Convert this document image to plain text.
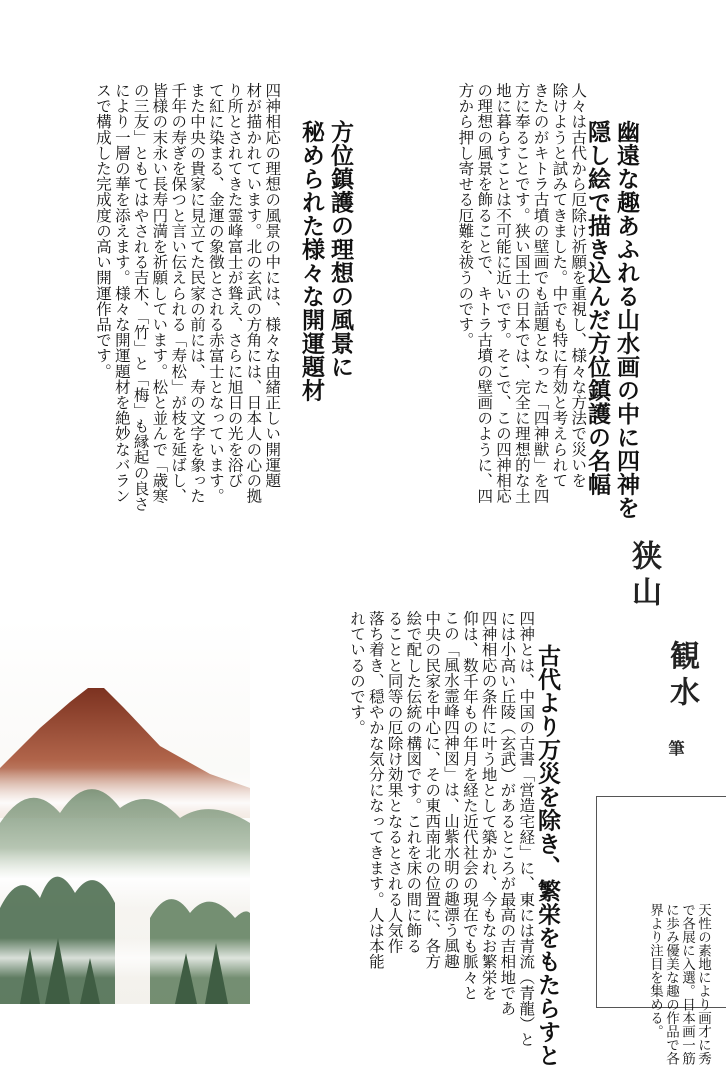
幽遠な趣あふれる山水画の中に四神を
隠し絵で描き込んだ方位鎮護の名幅

人々は古代から厄除け祈願を重視し、様々な方法で災いを
除けようと試みてきました。中でも特に有効と考えられて
きたのがキトラ古墳の壁画でも話題となった「四神獣」を四
方に奉ることです。狭い国土の日本では、完全に理想的な土
地に暮らすことは不可能に近いです。そこで、この四神相応
の理想の風景を飾ることで、キトラ古墳の壁画のように、四
方から押し寄せる厄難を祓うのです。

方位鎮護の理想の風景に
秘められた様々な開運題材

四神相応の理想の風景の中には、様々な由緒正しい開運題
材が描かれています。北の玄武の方角には、日本人の心の拠
り所とされてきた霊峰富士が聳え、さらに旭日の光を浴び
て紅に染まる、金運の象徴とされる赤富士となっています。
また中央の貴家に見立てた民家の前には、寿の文字を象った
千年の寿ぎを保つと言い伝えられる「寿松」が枝を延ばし、
皆様の末永い長寿円満を祈願しています。松と並んで「歳寒
の三友」ともてはやされる吉木、「竹」と「梅」も縁起の良さ
により一層の華を添えます。様々な開運題材を絶妙なバラン
スで構成した完成度の高い開運作品です。

古代より万災を除き、繁栄をもたらすと

四神とは、中国の古書「営造宅経」に、東には青流（青龍）と
には小高い丘陵（玄武）があるところが最高の吉相地であ
四神相応の条件に叶う地として築かれ、今もなお繁栄を
仰は、数千年もの年月を経た近代社会の現在でも脈々と
この「風水霊峰四神図」は、山紫水明の趣漂う風趣
中央の民家を中心に、その東西南北の位置に、各方
絵で配した伝統の構図です。これを床の間に飾る
ることと同等の厄除け効果となるとされる人気作
落ち着き、穏やかな気分になってきます。人は本能
れているのです。

狭山
観水
筆

天性の素地により画才に秀
で各展に入選。日本画一筋
に歩み優美な趣の作品で各
界より注目を集める。
